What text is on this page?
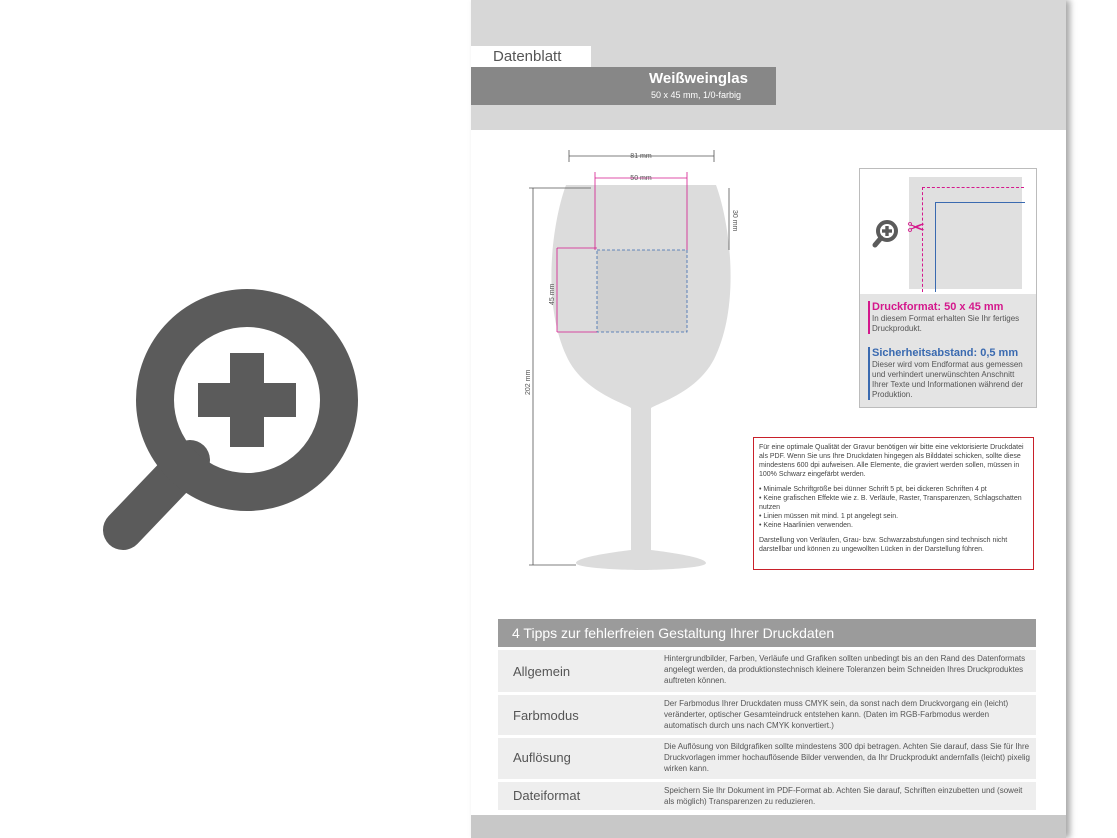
Datenblatt
Weißweinglas
50 x 45 mm, 1/0-farbig
81 mm
50 mm
30 mm
45 mm
202 mm
✂
Druckformat: 50 x 45 mm
In diesem Format erhalten Sie Ihr fertiges Druckprodukt.
Sicherheitsabstand: 0,5 mm
Dieser wird vom Endformat aus gemessen und verhindert unerwünschten Anschnitt Ihrer Texte und Informationen während der Produktion.

Für eine optimale Qualität der Gravur benötigen wir bitte eine vektorisierte Druckdatei als PDF. Wenn Sie uns Ihre Druckdaten hingegen als Bilddatei schicken, sollte diese mindestens 600 dpi aufweisen. Alle Elemente, die graviert werden sollen, müssen in 100% Schwarz eingefärbt werden.

• Minimale Schriftgröße bei dünner Schrift 5 pt, bei dickeren Schriften 4 pt
• Keine grafischen Effekte wie z. B. Verläufe, Raster, Transparenzen, Schlagschatten nutzen
• Linien müssen mit mind. 1 pt angelegt sein.
• Keine Haarlinien verwenden.

Darstellung von Verläufen, Grau- bzw. Schwarzabstufungen sind technisch nicht darstellbar und können zu ungewollten Lücken in der Darstellung führen.

4 Tipps zur fehlerfreien Gestaltung Ihrer Druckdaten
Allgemein
Hintergrundbilder, Farben, Verläufe und Grafiken sollten unbedingt bis an den Rand des Datenformats angelegt werden, da produktionstechnisch kleinere Toleranzen beim Schneiden Ihres Druckproduktes auftreten können.
Farbmodus
Der Farbmodus Ihrer Druckdaten muss CMYK sein, da sonst nach dem Druckvorgang ein (leicht) veränderter, optischer Gesamteindruck entstehen kann. (Daten im RGB-Farbmodus werden automatisch durch uns nach CMYK konvertiert.)
Auflösung
Die Auflösung von Bildgrafiken sollte mindestens 300 dpi betragen. Achten Sie darauf, dass Sie für Ihre Druckvorlagen immer hochauflösende Bilder verwenden, da Ihr Druckprodukt andernfalls (leicht) pixelig wirken kann.
Dateiformat	Speichern Sie Ihr Dokument im PDF-Format ab. Achten Sie darauf, Schriften einzubetten und (soweit als möglich) Transparenzen zu reduzieren.
